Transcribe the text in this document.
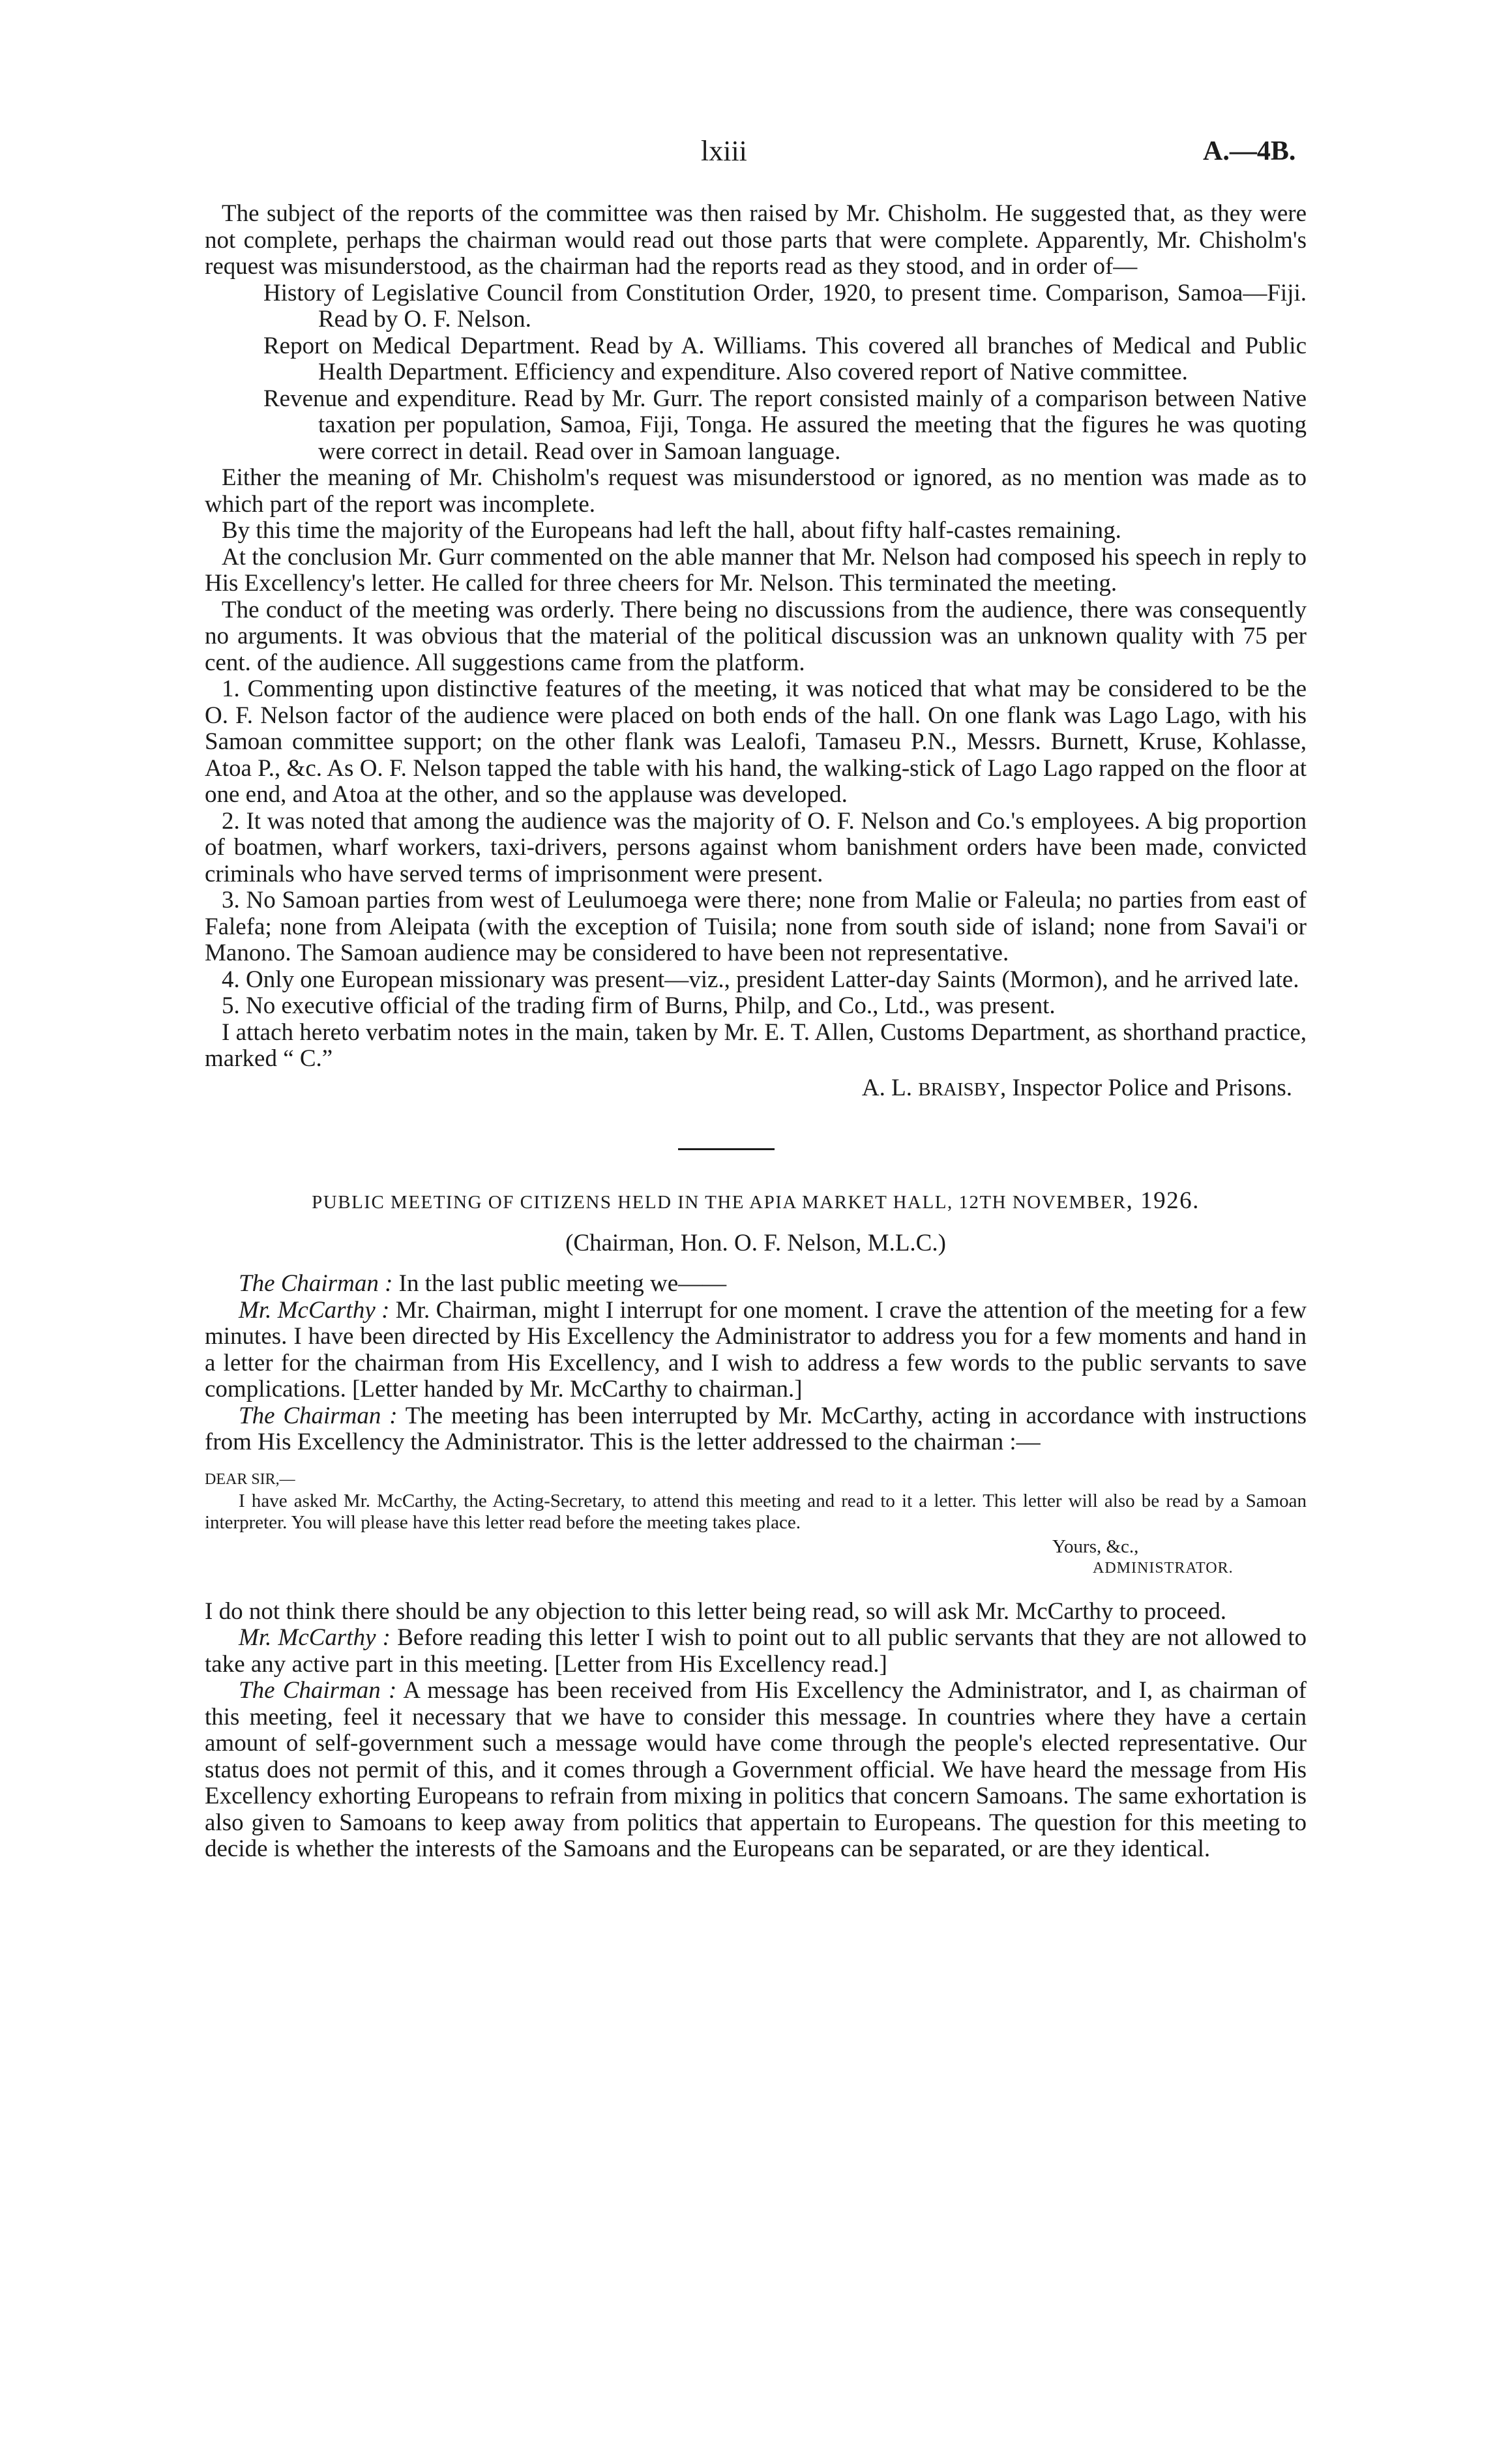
lxiii	A.—4B.

The subject of the reports of the committee was then raised by Mr. Chisholm. He suggested that, as they were not complete, perhaps the chairman would read out those parts that were complete. Apparently, Mr. Chisholm's request was misunderstood, as the chairman had the reports read as they stood, and in order of—

History of Legislative Council from Constitution Order, 1920, to present time. Comparison, Samoa—Fiji. Read by O. F. Nelson.

Report on Medical Department. Read by A. Williams. This covered all branches of Medical and Public Health Department. Efficiency and expenditure. Also covered report of Native committee.

Revenue and expenditure. Read by Mr. Gurr. The report consisted mainly of a comparison between Native taxation per population, Samoa, Fiji, Tonga. He assured the meeting that the figures he was quoting were correct in detail. Read over in Samoan language.

Either the meaning of Mr. Chisholm's request was misunderstood or ignored, as no mention was made as to which part of the report was incomplete.

By this time the majority of the Europeans had left the hall, about fifty half-castes remaining.

At the conclusion Mr. Gurr commented on the able manner that Mr. Nelson had composed his speech in reply to His Excellency's letter. He called for three cheers for Mr. Nelson. This terminated the meeting.

The conduct of the meeting was orderly. There being no discussions from the audience, there was consequently no arguments. It was obvious that the material of the political discussion was an unknown quality with 75 per cent. of the audience. All suggestions came from the platform.

1. Commenting upon distinctive features of the meeting, it was noticed that what may be considered to be the O. F. Nelson factor of the audience were placed on both ends of the hall. On one flank was Lago Lago, with his Samoan committee support; on the other flank was Lealofi, Tamaseu P.N., Messrs. Burnett, Kruse, Kohlasse, Atoa P., &c. As O. F. Nelson tapped the table with his hand, the walking-stick of Lago Lago rapped on the floor at one end, and Atoa at the other, and so the applause was developed.

2. It was noted that among the audience was the majority of O. F. Nelson and Co.'s employees. A big proportion of boatmen, wharf workers, taxi-drivers, persons against whom banishment orders have been made, convicted criminals who have served terms of imprisonment were present.

3. No Samoan parties from west of Leulumoega were there; none from Malie or Faleula; no parties from east of Falefa; none from Aleipata (with the exception of Tuisila; none from south side of island; none from Savai'i or Manono. The Samoan audience may be considered to have been not representative.

4. Only one European missionary was present—viz., president Latter-day Saints (Mormon), and he arrived late.

5. No executive official of the trading firm of Burns, Philp, and Co., Ltd., was present.

I attach hereto verbatim notes in the main, taken by Mr. E. T. Allen, Customs Department, as shorthand practice, marked “ C.”

A. L. BRAISBY, Inspector Police and Prisons.

PUBLIC MEETING OF CITIZENS HELD IN THE APIA MARKET HALL, 12TH NOVEMBER, 1926.

(Chairman, Hon. O. F. Nelson, M.L.C.)

The Chairman : In the last public meeting we——

Mr. McCarthy : Mr. Chairman, might I interrupt for one moment. I crave the attention of the meeting for a few minutes. I have been directed by His Excellency the Administrator to address you for a few moments and hand in a letter for the chairman from His Excellency, and I wish to address a few words to the public servants to save complications. [Letter handed by Mr. McCarthy to chairman.]

The Chairman : The meeting has been interrupted by Mr. McCarthy, acting in accordance with instructions from His Excellency the Administrator. This is the letter addressed to the chairman :—

DEAR SIR,—

I have asked Mr. McCarthy, the Acting-Secretary, to attend this meeting and read to it a letter. This letter will also be read by a Samoan interpreter. You will please have this letter read before the meeting takes place.

Yours, &c.,

ADMINISTRATOR.

I do not think there should be any objection to this letter being read, so will ask Mr. McCarthy to proceed.

Mr. McCarthy : Before reading this letter I wish to point out to all public servants that they are not allowed to take any active part in this meeting. [Letter from His Excellency read.]

The Chairman : A message has been received from His Excellency the Administrator, and I, as chairman of this meeting, feel it necessary that we have to consider this message. In countries where they have a certain amount of self-government such a message would have come through the people's elected representative. Our status does not permit of this, and it comes through a Government official. We have heard the message from His Excellency exhorting Europeans to refrain from mixing in politics that concern Samoans. The same exhortation is also given to Samoans to keep away from politics that appertain to Europeans. The question for this meeting to decide is whether the interests of the Samoans and the Europeans can be separated, or are they identical.
